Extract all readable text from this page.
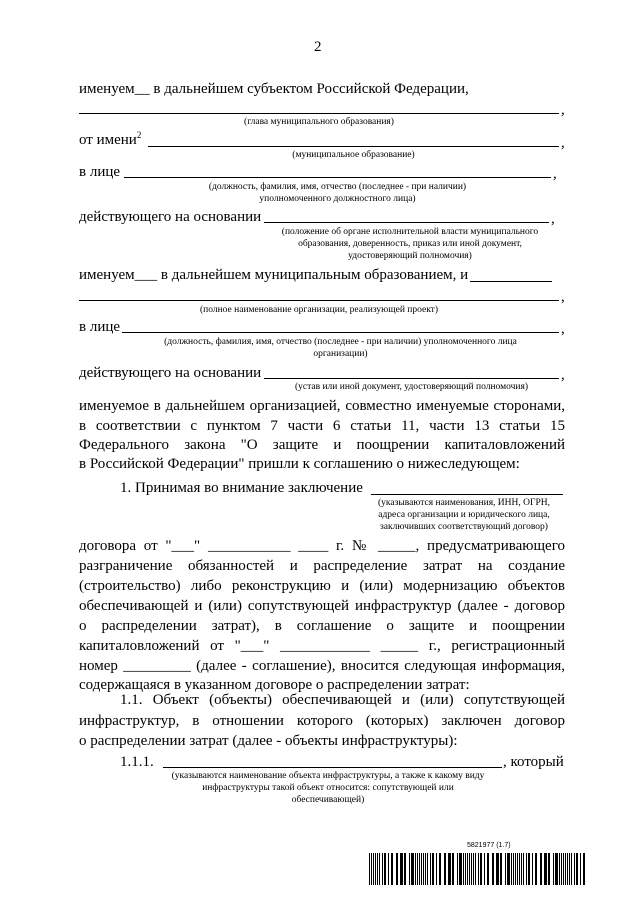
2
именуем__ в дальнейшем субъектом Российской Федерации,
,
(глава муниципального образования)
от имени$^2$	,
(муниципальное образование)
в лице	,
(должность, фамилия, имя, отчество (последнее - при наличии)
уполномоченного должностного лица)
действующего на основании	,
(положение об органе исполнительной власти муниципального
образования, доверенность, приказ или иной документ,
удостоверяющий полномочия)
именуем___ в дальнейшем муниципальным образованием, и
,
(полное наименование организации, реализующей проект)
в лице	,
(должность, фамилия, имя, отчество (последнее - при наличии) уполномоченного лица
организации)
действующего на основании	,
(устав или иной документ, удостоверяющий полномочия)
именуемое в дальнейшем организацией, совместно именуемые сторонами,
в соответствии с пунктом 7 части 6 статьи 11, части 13 статьи 15
Федерального закона "О защите и поощрении капиталовложений
в Российской Федерации" пришли к соглашению о нижеследующем:
1. Принимая во внимание заключение
(указываются наименования, ИНН, ОГРН,
адреса организации и юридического лица,
заключивших соответствующий договор)
договора от "___" ___________ ____ г. № _____, предусматривающего
разграничение обязанностей и распределение затрат на создание
(строительство) либо реконструкцию и (или) модернизацию объектов
обеспечивающей и (или) сопутствующей инфраструктур (далее - договор
о распределении затрат), в соглашение о защите и поощрении
капиталовложений от "___" ____________ _____ г., регистрационный
номер _________ (далее - соглашение), вносится следующая информация,
содержащаяся в указанном договоре о распределении затрат:
1.1. Объект (объекты) обеспечивающей и (или) сопутствующей
инфраструктур, в отношении которого (которых) заключен договор
о распределении затрат (далее - объекты инфраструктуры):
1.1.1.	, который
(указываются наименование объекта инфраструктуры, а также к какому виду
инфраструктуры такой объект относится: сопутствующей или
обеспечивающей)
5821977 (1.7)
